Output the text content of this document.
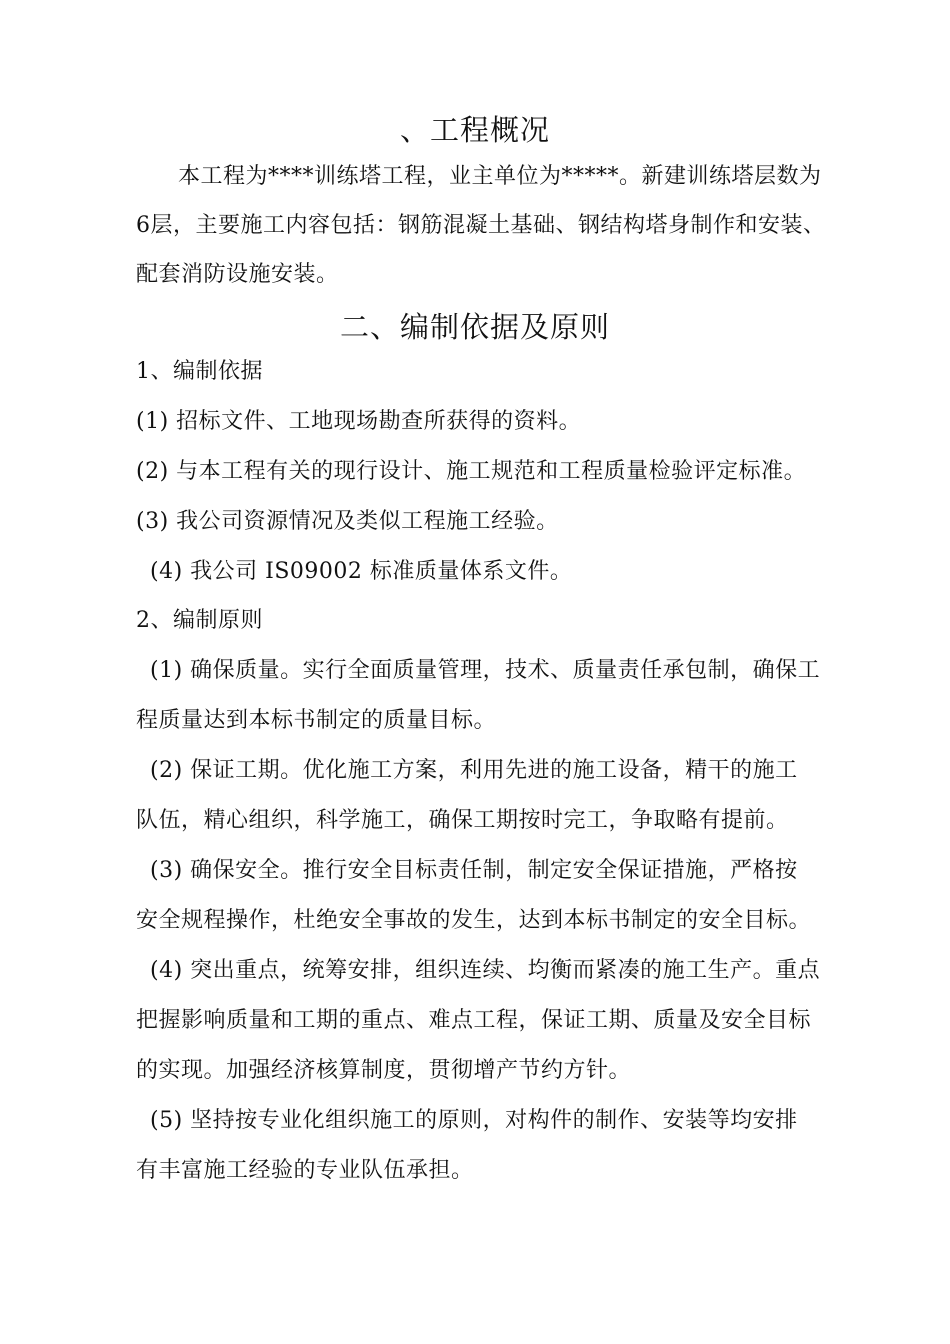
、工程概况
本工程为****训练塔工程，业主单位为*****。新建训练塔层数为
6层，主要施工内容包括：钢筋混凝土基础、钢结构塔身制作和安装、
配套消防设施安装。
二、编制依据及原则
1、编制依据
(1) 招标文件、工地现场勘查所获得的资料。
(2) 与本工程有关的现行设计、施工规范和工程质量检验评定标准。
(3) 我公司资源情况及类似工程施工经验。
(4) 我公司 IS09002 标准质量体系文件。
2、编制原则
(1) 确保质量。实行全面质量管理，技术、质量责任承包制，确保工
程质量达到本标书制定的质量目标。
(2) 保证工期。优化施工方案，利用先进的施工设备，精干的施工
队伍，精心组织，科学施工，确保工期按时完工，争取略有提前。
(3) 确保安全。推行安全目标责任制，制定安全保证措施，严格按
安全规程操作，杜绝安全事故的发生，达到本标书制定的安全目标。
(4) 突出重点，统筹安排，组织连续、均衡而紧凑的施工生产。重点
把握影响质量和工期的重点、难点工程，保证工期、质量及安全目标
的实现。加强经济核算制度，贯彻增产节约方针。
(5) 坚持按专业化组织施工的原则，对构件的制作、安装等均安排
有丰富施工经验的专业队伍承担。
